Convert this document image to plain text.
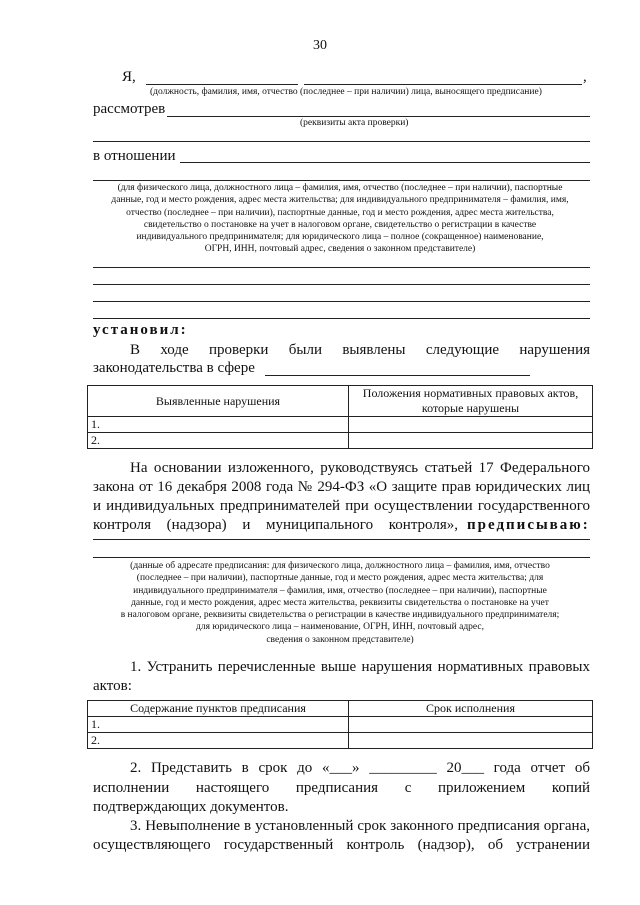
30
Я,	,
(должность, фамилия, имя, отчество (последнее – при наличии) лица, выносящего предписание)
рассмотрев
(реквизиты акта проверки)
в отношении
(для физического лица, должностного лица – фамилия, имя, отчество (последнее – при наличии), паспортные
данные, год и место рождения, адрес места жительства; для индивидуального предпринимателя – фамилия, имя,
отчество (последнее – при наличии), паспортные данные, год и место рождения, адрес места жительства,
свидетельство о постановке на учет в налоговом органе, свидетельство о регистрации в качестве
индивидуального предпринимателя; для юридического лица – полное (сокращенное) наименование,
ОГРН, ИНН, почтовый адрес, сведения о законном представителе)
установил:
В ходе проверки были выявлены следующие нарушения
законодательства в сфере
Выявленные нарушения	Положения нормативных правовых актов, которые нарушены
1.	
2.	
На основании изложенного, руководствуясь статьей 17 Федерального
закона от 16 декабря 2008 года № 294-ФЗ «О защите прав юридических лиц
и индивидуальных предпринимателей при осуществлении государственного
контроля (надзора) и муниципального контроля», предписываю:
(данные об адресате предписания: для физического лица, должностного лица – фамилия, имя, отчество
(последнее – при наличии), паспортные данные, год и место рождения, адрес места жительства; для
индивидуального предпринимателя – фамилия, имя, отчество (последнее – при наличии), паспортные
данные, год и место рождения, адрес места жительства, реквизиты свидетельства о постановке на учет
в налоговом органе, реквизиты свидетельства о регистрации в качестве индивидуального предпринимателя;
для юридического лица – наименование, ОГРН, ИНН, почтовый адрес,
сведения о законном представителе)
1. Устранить перечисленные выше нарушения нормативных правовых
актов:
Содержание пунктов предписания	Срок исполнения
1.	
2.	
2. Представить в срок до «___» _________ 20___ года отчет об
исполнении настоящего предписания с приложением копий
подтверждающих документов.
3. Невыполнение в установленный срок законного предписания органа,
осуществляющего государственный контроль (надзор), об устранении
